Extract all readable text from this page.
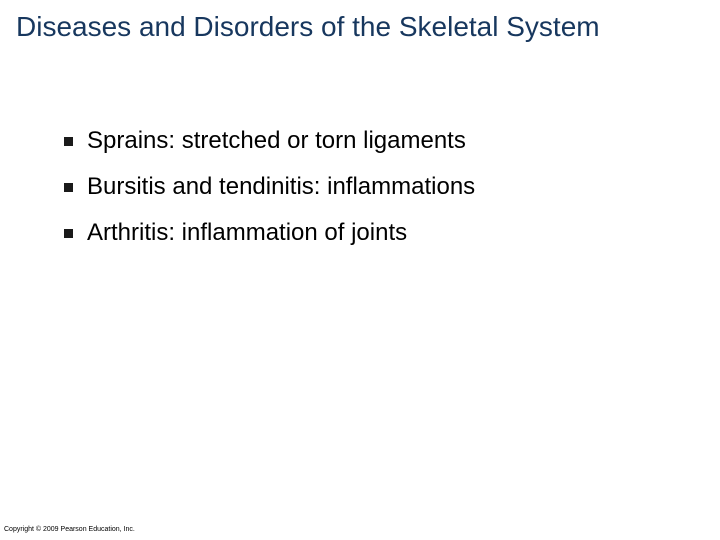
Diseases and Disorders of the Skeletal System
Sprains: stretched or torn ligaments
Bursitis and tendinitis: inflammations
Arthritis: inflammation of joints
Copyright © 2009 Pearson Education, Inc.
